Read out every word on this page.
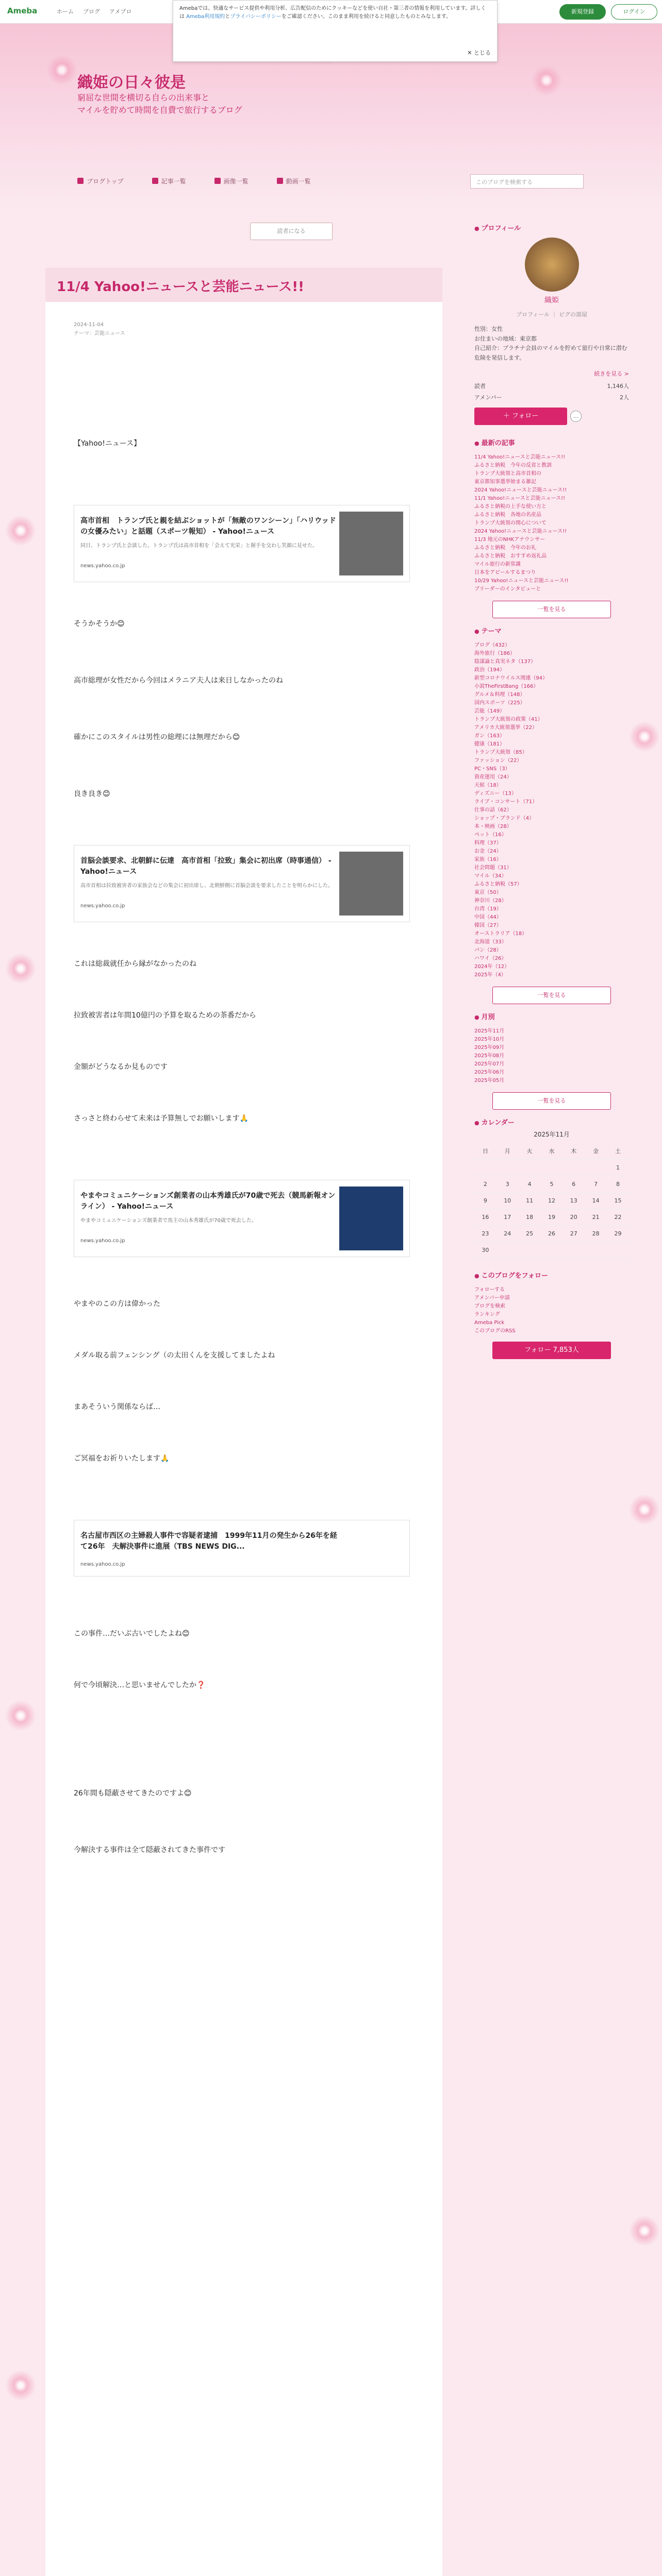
Ameba	ホーム ブログ アメブロ	新規登録	ログイン
Amebaでは、快適なサービス提供や利用分析、広告配信のためにクッキーなどを使い自社・第三者の情報を利用しています。詳しくは Ameba利用規約とプライバシーポリシーをご確認ください。このまま利用を続けると同意したものとみなします。
✕ とじる
織姫の日々彼是
窮屈な世間を横切る自らの出来事と
マイルを貯めて時間を自費で旅行するブログ
ブログトップ	記事一覧	画像一覧	動画一覧	このブログを検索する
読者になる
11/4 Yahoo!ニュースと芸能ニュース!!
2024-11-04
テーマ：芸能ニュース
【Yahoo!ニュース】
高市首相　トランプ氏と親を結ぶショットが「無敵のワンシーン」「ハリウッドの女優みたい」と話題（スポーツ報知） - Yahoo!ニュース
同日、トランプ氏と会談した。トランプ氏は高市首相を「会えて光栄」と握手を交わし笑顔に見せた。
news.yahoo.co.jp
そうかそうか😊
高市総理が女性だから今回はメラニア夫人は来日しなかったのね
確かにこのスタイルは男性の総理には無理だから😊
良き良き😊
首脳会談要求、北朝鮮に伝達　高市首相「拉致」集会に初出席（時事通信） - Yahoo!ニュース
高市首相は拉致被害者の家族会などの集会に初出席し、北朝鮮側に首脳会談を要求したことを明らかにした。
news.yahoo.co.jp
これは総裁就任から縁がなかったのね
拉致被害者は年間10億円の予算を取るための茶番だから
金額がどうなるか見ものです
さっさと終わらせて未来は予算無しでお願いします🙏
やまやコミュニケーションズ創業者の山本秀雄氏が70歳で死去（競馬新報オンライン） - Yahoo!ニュース
やまやコミュニケーションズ創業者で馬主の山本秀雄氏が70歳で死去した。
news.yahoo.co.jp
やまやのこの方は偉かった
メダル取る前フェンシング（の太田くんを支援してましたよね
まあそういう関係ならば…
ご冥福をお祈りいたします🙏
名古屋市西区の主婦殺人事件で容疑者逮捕　1999年11月の発生から26年を経て26年　夫解決事件に進展（TBS NEWS DIG...
news.yahoo.co.jp
この事件…だいぶ古いでしたよね😊
何で今頃解決…と思いませんでしたか❓
26年間も隠蔽させてきたのですよ😊
今解決する事件は全て隠蔽されてきた事件です
● プロフィール
織姫
プロフィール ｜ ピグの部屋
性別：女性
お住まいの地域：東京都
自己紹介：プラチナ会員のマイルを貯めて旅行や日常に潜む危険を発信します。
続きを見る >
読者	1,146人
アメンバー	2人
＋ フォロー	…
● 最新の記事
11/4 Yahoo!ニュースと芸能ニュース!!
ふるさと納税　今年の反省と教訓
トランプ大統領と高市首相の
東京都知事選挙始まる雑記
2024 Yahoo!ニュースと芸能ニュース!!
11/1 Yahoo!ニュースと芸能ニュース!!
ふるさと納税の上手な使い方と
ふるさと納税　各地の名産品
トランプ大統領の関心について
2024 Yahoo!ニュースと芸能ニュース!!
11/3 地元のNHKアナウンサー
ふるさと納税　今年のお礼
ふるさと納税　おすすめ返礼品
マイル旅行の新常識
日本をアピールするまつり
10/29 Yahoo!ニュースと芸能ニュース!!
ブリーダーのインタビューと
一覧を見る
● テーマ
ブログ（432）
海外旅行（186）
陰謀論と真実ネタ（137）
政治（194）
新型コロナウイルス関連（94）
小説TheFirstBang（166）
グルメ＆料理（148）
国内スポーツ（225）
芸能（149）
トランプ大統領の政策（41）
アメリカ大統領選挙（22）
ガン（163）
健康（181）
トランプ大統領（85）
ファッション（22）
PC・SNS（3）
資産運用（24）
天候（18）
ディズニー（13）
ライブ・コンサート（71）
仕事の話（62）
ショップ・ブランド（4）
本・映画（28）
ペット（16）
料理（37）
お金（24）
家族（16）
社会問題（31）
マイル（34）
ふるさと納税（57）
東京（50）
神奈川（28）
台湾（19）
中国（44）
韓国（27）
オーストラリア（18）
北海道（33）
パン（28）
ハワイ（26）
2024年（12）
2025年（4）
一覧を見る
● 月別
2025年11月
2025年10月
2025年09月
2025年08月
2025年07月
2025年06月
2025年05月
一覧を見る
● カレンダー
2025年11月
日	月	火	水	木	金	土
						1
2	3	4	5	6	7	8
9	10	11	12	13	14	15
16	17	18	19	20	21	22
23	24	25	26	27	28	29
30						
● このブログをフォロー
フォローする
アメンバー申請
ブログを検索
ランキング
Ameba Pick
このブログのRSS
フォロー 7,853人
